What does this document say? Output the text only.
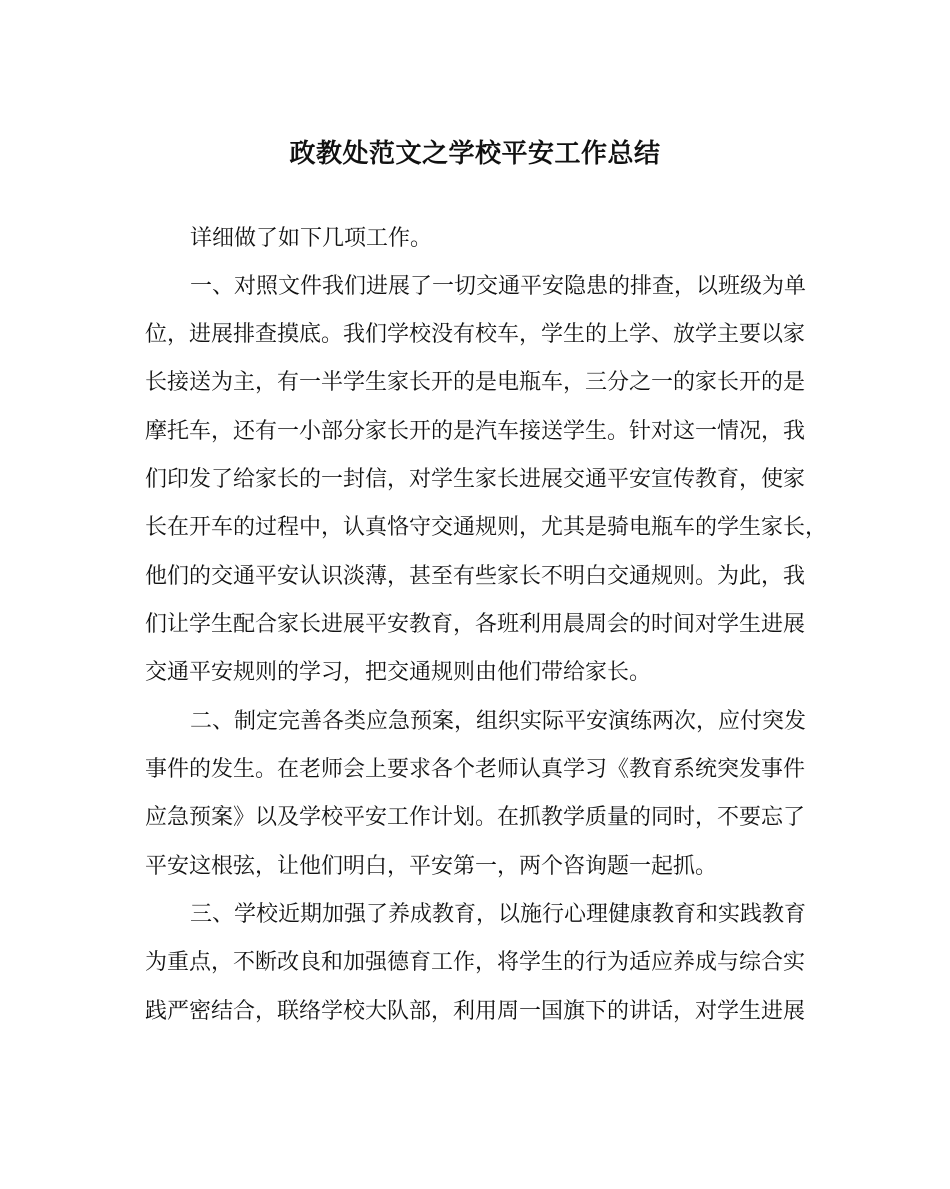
政教处范文之学校平安工作总结
详细做了如下几项工作。
一、对照文件我们进展了一切交通平安隐患的排查，以班级为单
位，进展排查摸底。我们学校没有校车，学生的上学、放学主要以家
长接送为主，有一半学生家长开的是电瓶车，三分之一的家长开的是
摩托车，还有一小部分家长开的是汽车接送学生。针对这一情况，我
们印发了给家长的一封信，对学生家长进展交通平安宣传教育，使家
长在开车的过程中，认真恪守交通规则，尤其是骑电瓶车的学生家长，
他们的交通平安认识淡薄，甚至有些家长不明白交通规则。为此，我
们让学生配合家长进展平安教育，各班利用晨周会的时间对学生进展
交通平安规则的学习，把交通规则由他们带给家长。
二、制定完善各类应急预案，组织实际平安演练两次，应付突发
事件的发生。在老师会上要求各个老师认真学习《教育系统突发事件
应急预案》以及学校平安工作计划。在抓教学质量的同时，不要忘了
平安这根弦，让他们明白，平安第一，两个咨询题一起抓。
三、学校近期加强了养成教育，以施行心理健康教育和实践教育
为重点，不断改良和加强德育工作，将学生的行为适应养成与综合实
践严密结合，联络学校大队部，利用周一国旗下的讲话，对学生进展
